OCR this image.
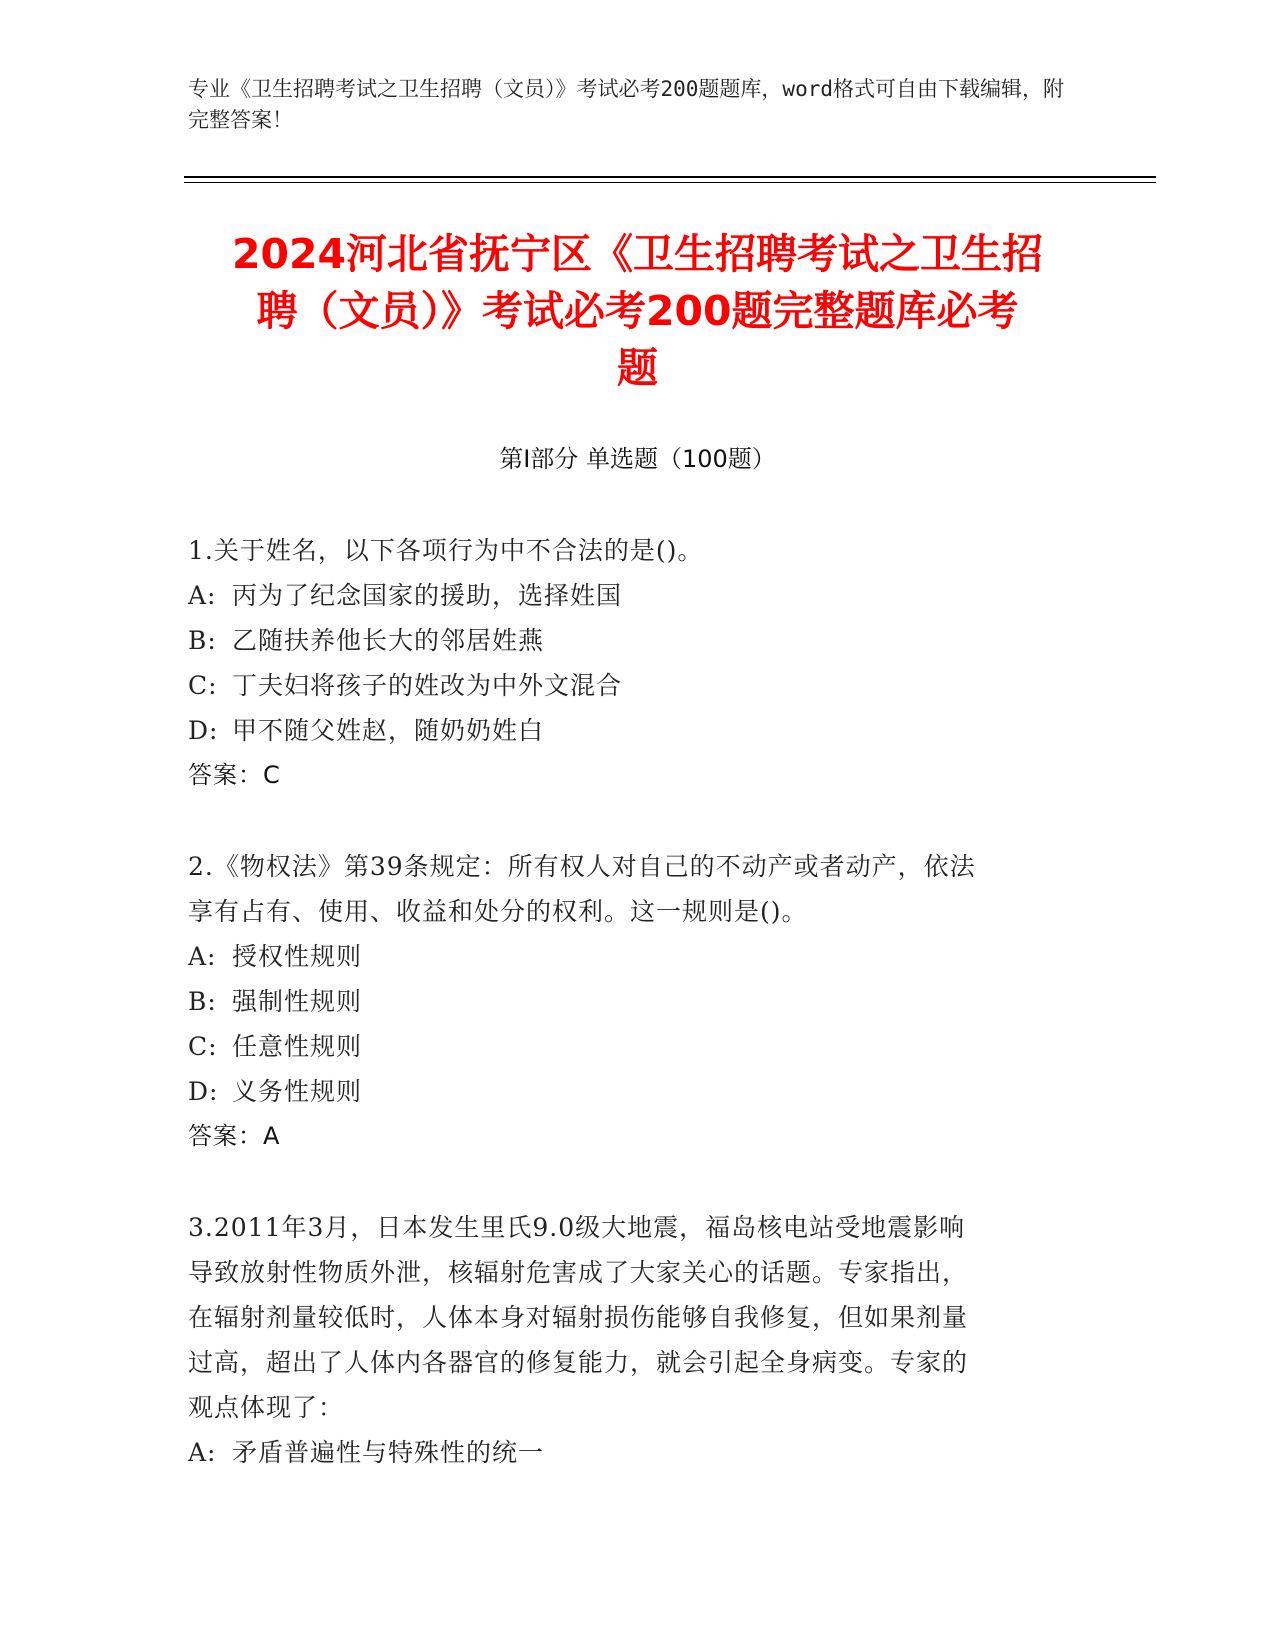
专业《卫生招聘考试之卫生招聘（文员）》考试必考200题题库，word格式可自由下载编辑，附完整答案！
2024河北省抚宁区《卫生招聘考试之卫生招
聘（文员）》考试必考200题完整题库必考
题
第I部分 单选题（100题）
1.关于姓名，以下各项行为中不合法的是()。
A: 丙为了纪念国家的援助，选择姓国
B: 乙随扶养他长大的邻居姓燕
C: 丁夫妇将孩子的姓改为中外文混合
D: 甲不随父姓赵，随奶奶姓白
答案：C
2.《物权法》第39条规定：所有权人对自己的不动产或者动产，依法
享有占有、使用、收益和处分的权利。这一规则是()。
A: 授权性规则
B: 强制性规则
C: 任意性规则
D: 义务性规则
答案：A
3.2011年3月，日本发生里氏9.0级大地震，福岛核电站受地震影响
导致放射性物质外泄，核辐射危害成了大家关心的话题。专家指出，
在辐射剂量较低时，人体本身对辐射损伤能够自我修复，但如果剂量
过高，超出了人体内各器官的修复能力，就会引起全身病变。专家的
观点体现了：
A: 矛盾普遍性与特殊性的统一
